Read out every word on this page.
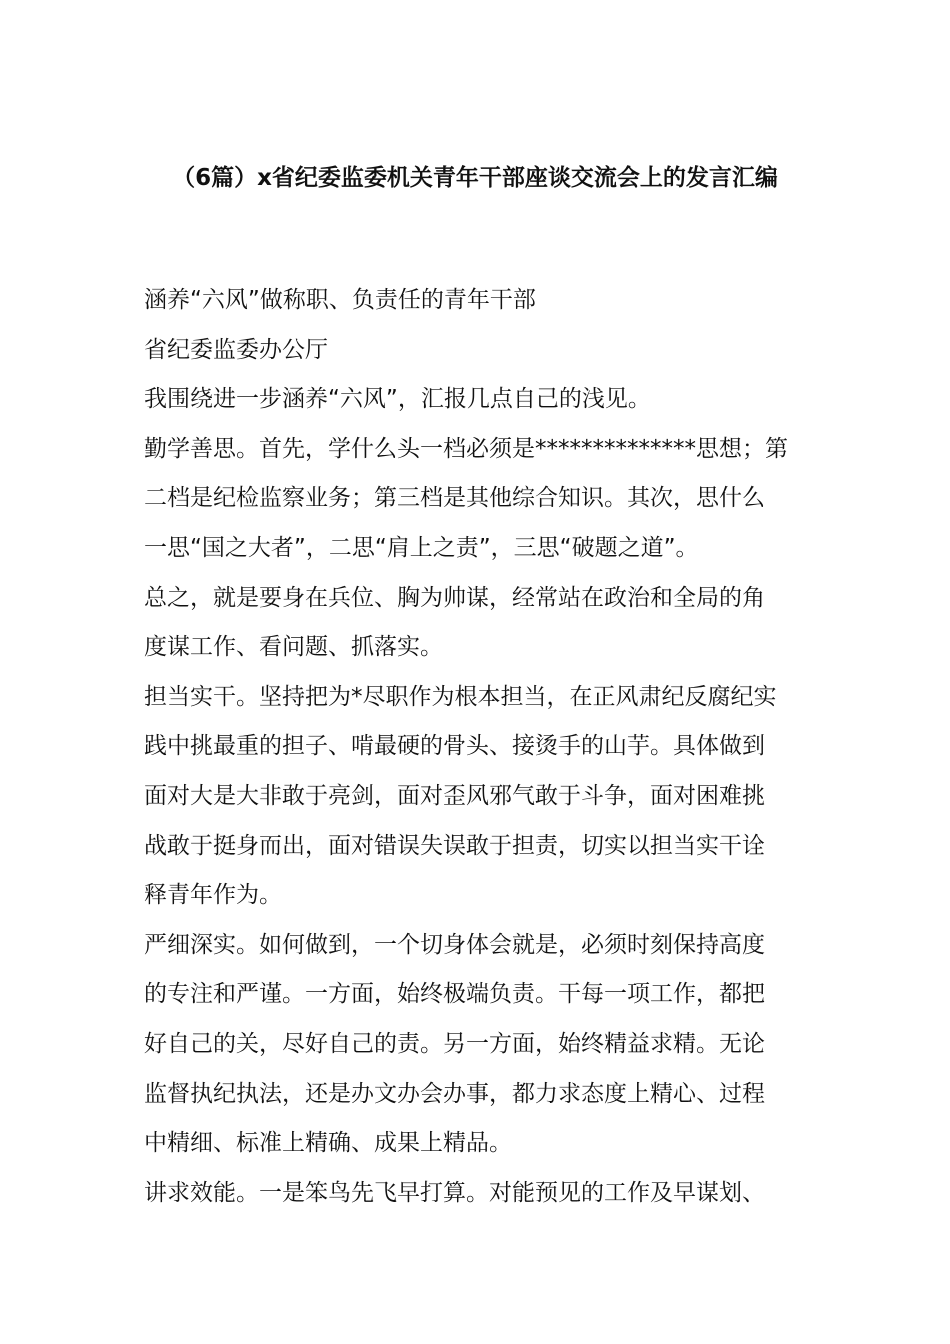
（6篇）x省纪委监委机关青年干部座谈交流会上的发言汇编

涵养“六风”做称职、负责任的青年干部

省纪委监委办公厅

我围绕进一步涵养“六风”，汇报几点自己的浅见。

勤学善思。首先，学什么头一档必须是**************思想；第

二档是纪检监察业务；第三档是其他综合知识。其次，思什么

一思“国之大者”，二思“肩上之责”，三思“破题之道”。

总之，就是要身在兵位、胸为帅谋，经常站在政治和全局的角

度谋工作、看问题、抓落实。

担当实干。坚持把为*尽职作为根本担当，在正风肃纪反腐纪实

践中挑最重的担子、啃最硬的骨头、接烫手的山芋。具体做到

面对大是大非敢于亮剑，面对歪风邪气敢于斗争，面对困难挑

战敢于挺身而出，面对错误失误敢于担责，切实以担当实干诠

释青年作为。

严细深实。如何做到，一个切身体会就是，必须时刻保持高度

的专注和严谨。一方面，始终极端负责。干每一项工作，都把

好自己的关，尽好自己的责。另一方面，始终精益求精。无论

监督执纪执法，还是办文办会办事，都力求态度上精心、过程

中精细、标准上精确、成果上精品。

讲求效能。一是笨鸟先飞早打算。对能预见的工作及早谋划、
